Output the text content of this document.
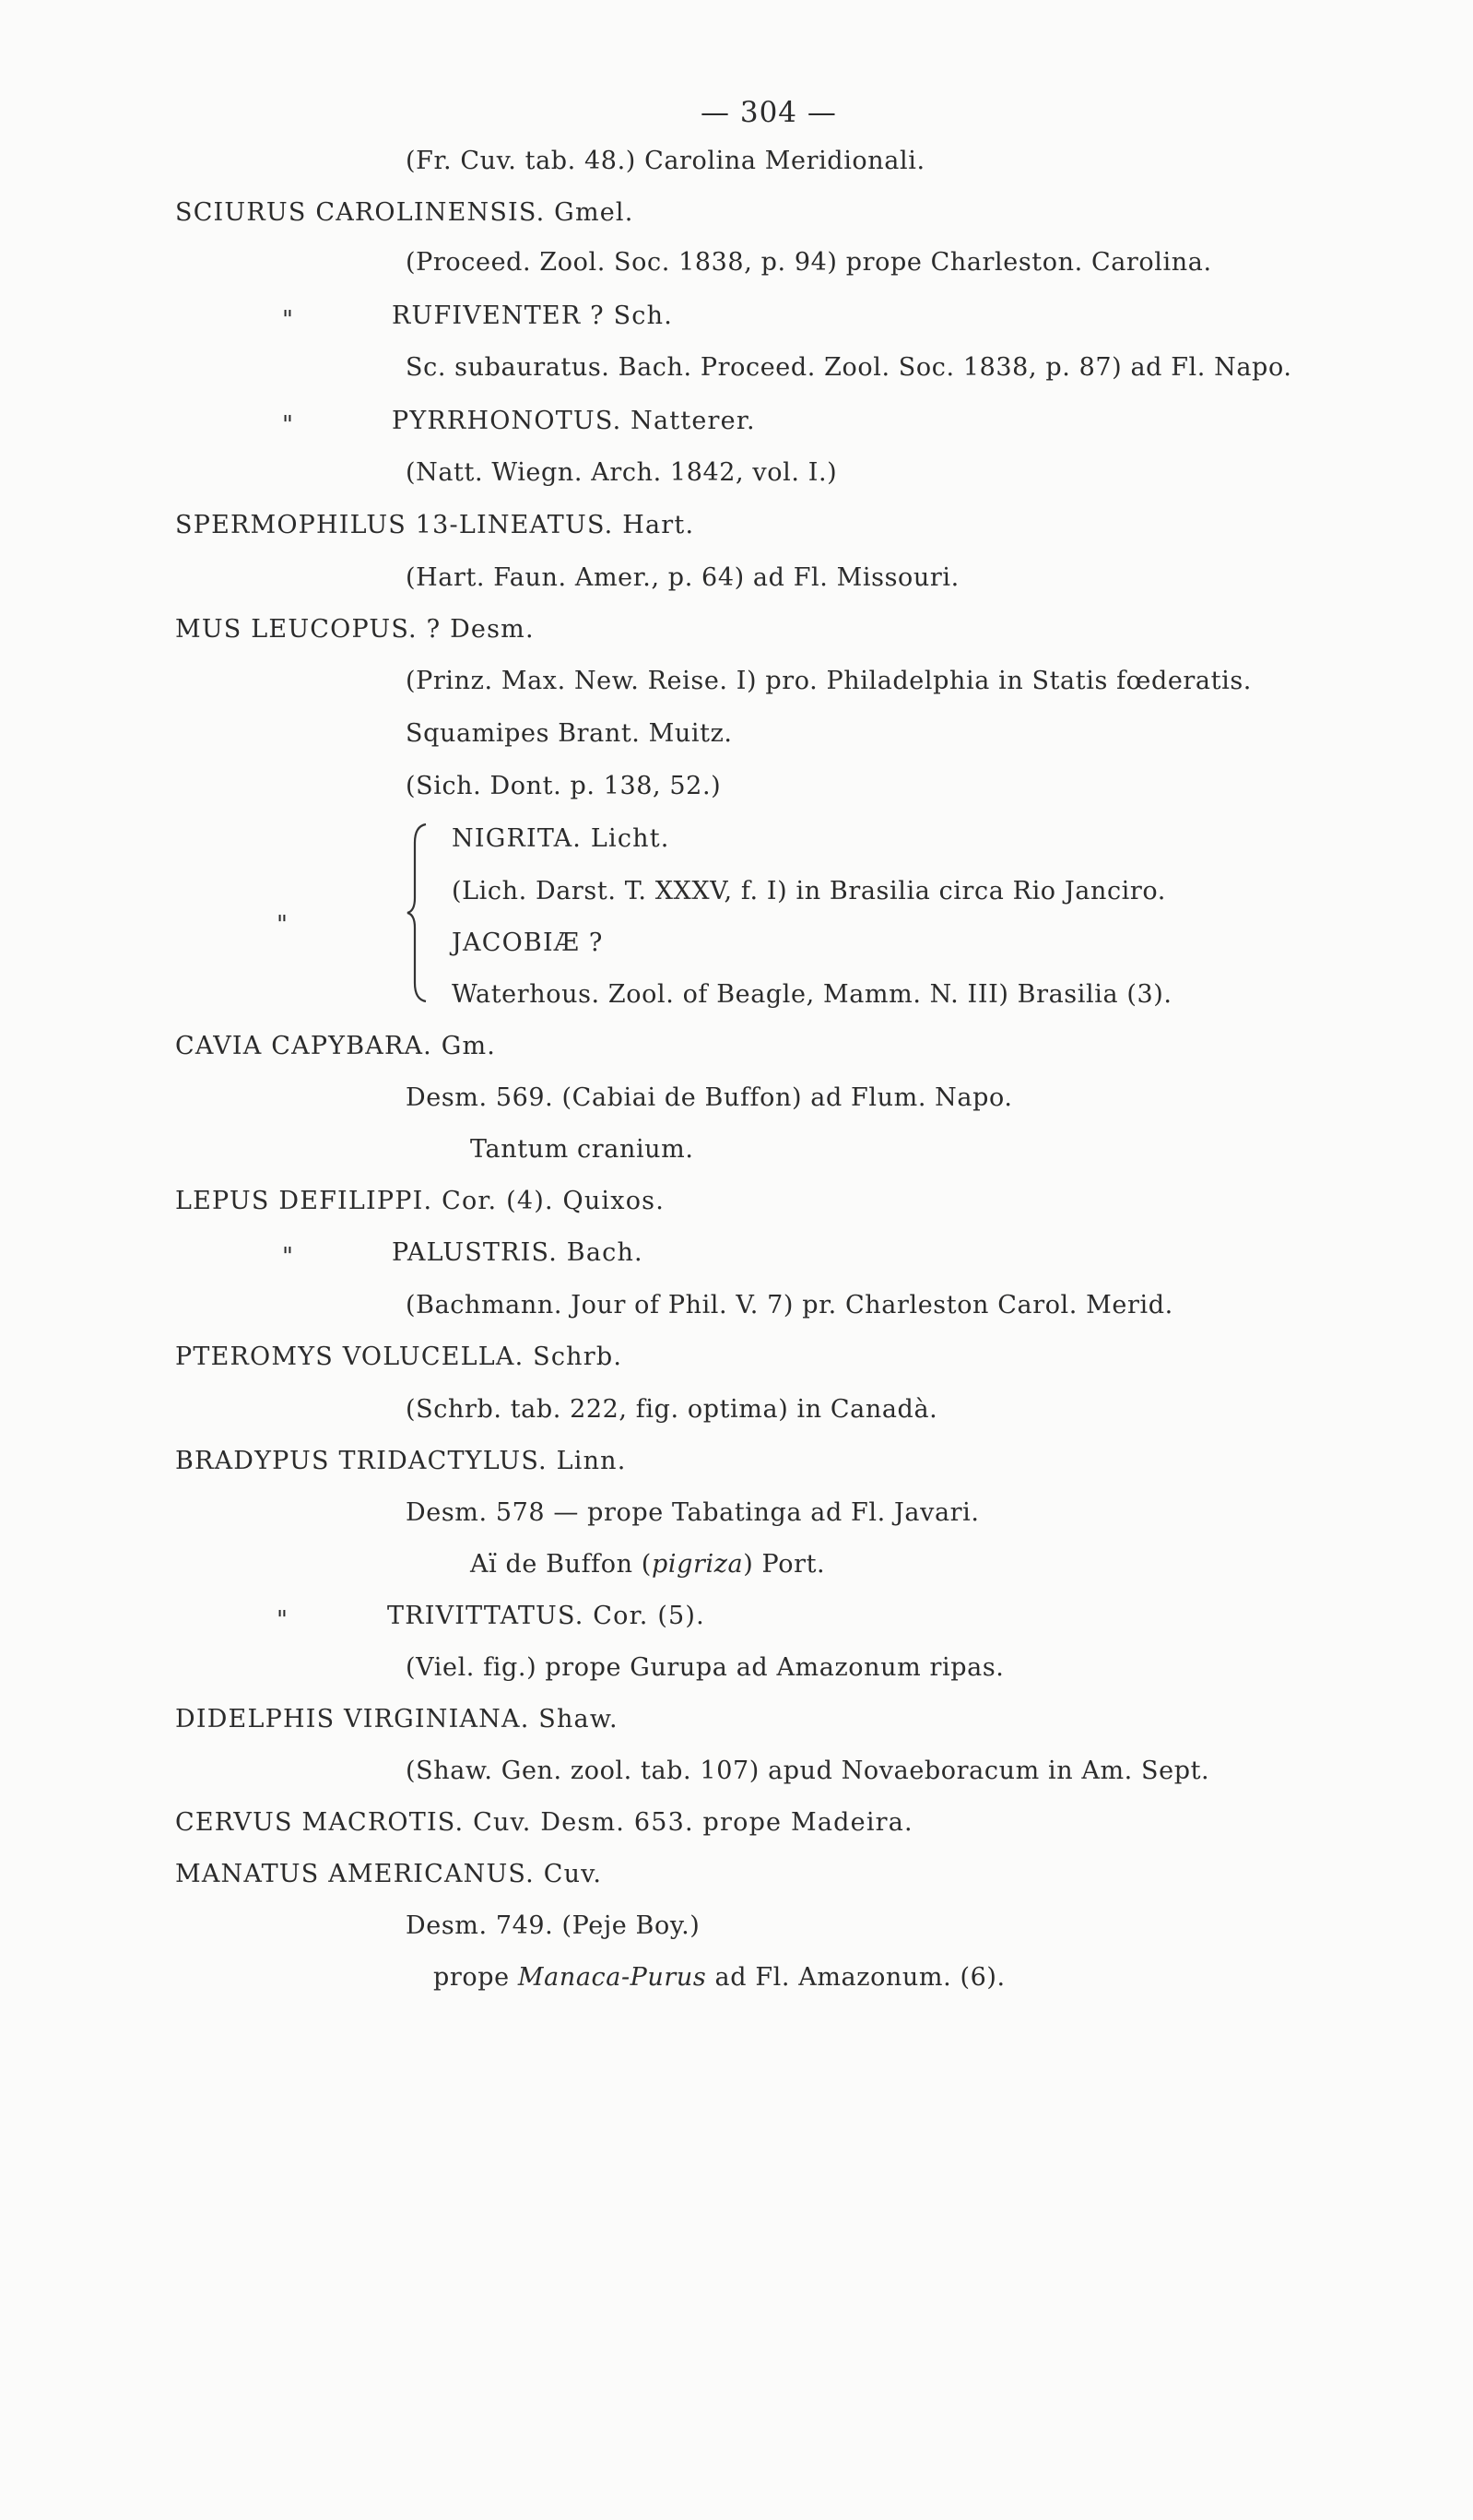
— 304 —
(Fr. Cuv. tab. 48.) Carolina Meridionali.
SCIURUS CAROLINENSIS. Gmel.
(Proceed. Zool. Soc. 1838, p. 94) prope Charleston. Carolina.
"	RUFIVENTER ? Sch.
Sc. subauratus. Bach. Proceed. Zool. Soc. 1838, p. 87) ad Fl. Napo.
"	PYRRHONOTUS. Natterer.
(Natt. Wiegn. Arch. 1842, vol. I.)
SPERMOPHILUS 13-LINEATUS. Hart.
(Hart. Faun. Amer., p. 64) ad Fl. Missouri.
MUS LEUCOPUS. ? Desm.
(Prinz. Max. New. Reise. I) pro. Philadelphia in Statis fœderatis.
Squamipes Brant. Muitz.
(Sich. Dont. p. 138, 52.)
"
NIGRITA. Licht.
(Lich. Darst. T. XXXV, f. I) in Brasilia circa Rio Janciro.
JACOBIÆ ?
Waterhous. Zool. of Beagle, Mamm. N. III) Brasilia (3).
CAVIA CAPYBARA. Gm.
Desm. 569. (Cabiai de Buffon) ad Flum. Napo.
Tantum cranium.
LEPUS DEFILIPPI. Cor. (4). Quixos.
"	PALUSTRIS. Bach.
(Bachmann. Jour of Phil. V. 7) pr. Charleston Carol. Merid.
PTEROMYS VOLUCELLA. Schrb.
(Schrb. tab. 222, fig. optima) in Canadà.
BRADYPUS TRIDACTYLUS. Linn.
Desm. 578 — prope Tabatinga ad Fl. Javari.
Aï de Buffon (pigriza) Port.
"	TRIVITTATUS. Cor. (5).
(Viel. fig.) prope Gurupa ad Amazonum ripas.
DIDELPHIS VIRGINIANA. Shaw.
(Shaw. Gen. zool. tab. 107) apud Novaeboracum in Am. Sept.
CERVUS MACROTIS. Cuv. Desm. 653. prope Madeira.
MANATUS AMERICANUS. Cuv.
Desm. 749. (Peje Boy.)
prope Manaca-Purus ad Fl. Amazonum. (6).
